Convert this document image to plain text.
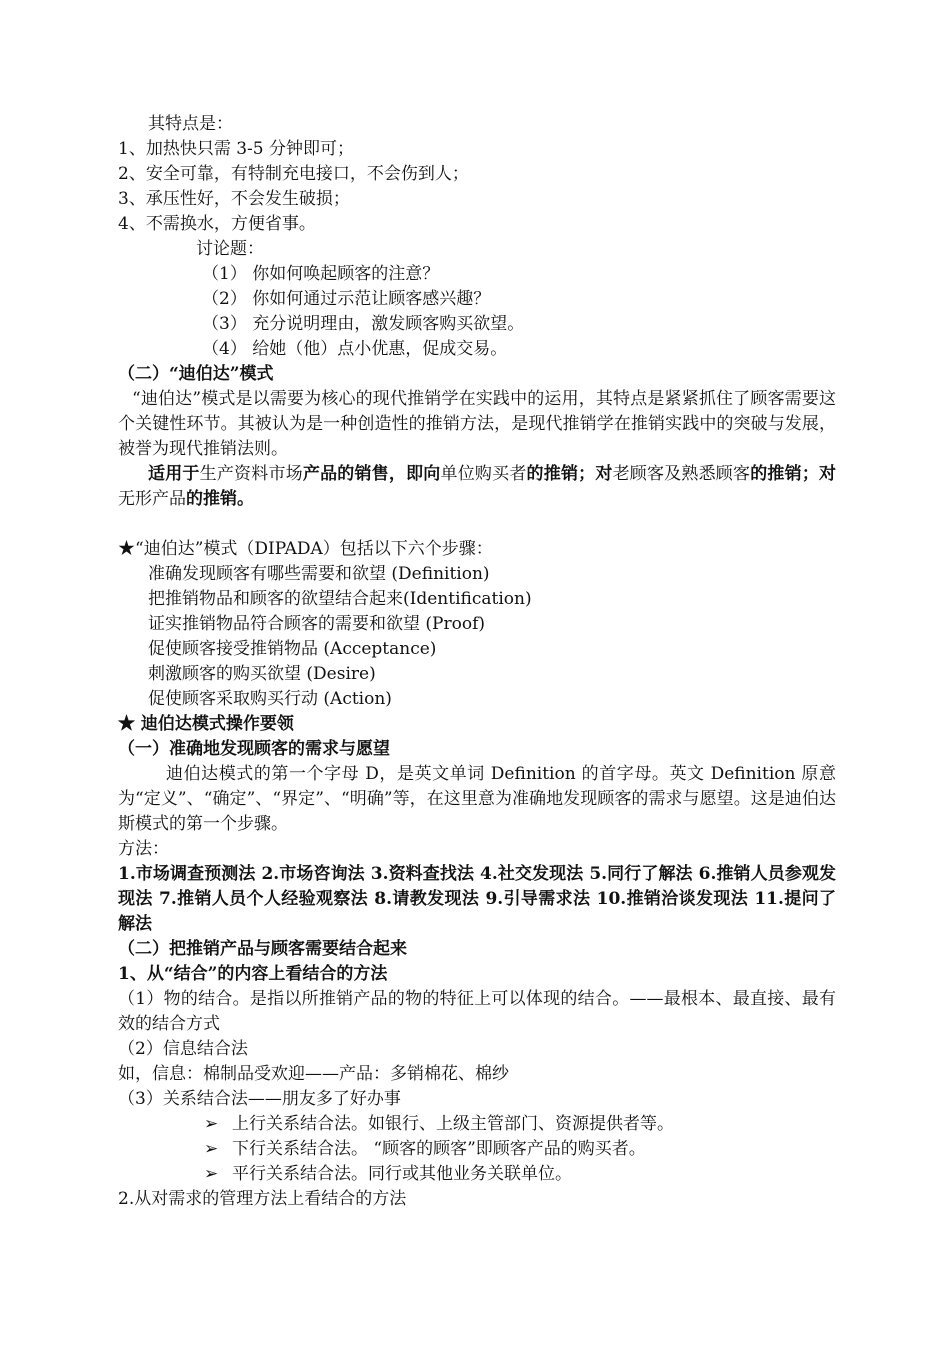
其特点是：
1、加热快只需 3-5 分钟即可；
2、安全可靠，有特制充电接口，不会伤到人；
3、承压性好，不会发生破损；
4、不需换水，方便省事。
讨论题：
（1） 你如何唤起顾客的注意？
（2） 你如何通过示范让顾客感兴趣？
（3） 充分说明理由，激发顾客购买欲望。
（4） 给她（他）点小优惠，促成交易。
（二）“迪伯达”模式
“迪伯达”模式是以需要为核心的现代推销学在实践中的运用，其特点是紧紧抓住了顾客需要这个关键性环节。其被认为是一种创造性的推销方法，是现代推销学在推销实践中的突破与发展，被誉为现代推销法则。
适用于生产资料市场产品的销售，即向单位购买者的推销；对老顾客及熟悉顾客的推销；对无形产品的推销。
★“迪伯达”模式（DIPADA）包括以下六个步骤：
准确发现顾客有哪些需要和欲望 (Definition)
把推销物品和顾客的欲望结合起来(Identification)
证实推销物品符合顾客的需要和欲望 (Proof)
促使顾客接受推销物品 (Acceptance)
刺激顾客的购买欲望 (Desire)
促使顾客采取购买行动 (Action)
★ 迪伯达模式操作要领
（一）准确地发现顾客的需求与愿望
迪伯达模式的第一个字母 D，是英文单词 Definition 的首字母。英文 Definition 原意为“定义”、“确定”、“界定”、“明确”等，在这里意为准确地发现顾客的需求与愿望。这是迪伯达斯模式的第一个步骤。
方法：
1.市场调查预测法 2.市场咨询法 3.资料查找法 4.社交发现法 5.同行了解法 6.推销人员参观发现法 7.推销人员个人经验观察法 8.请教发现法 9.引导需求法 10.推销洽谈发现法 11.提问了解法
（二）把推销产品与顾客需要结合起来
1、从“结合”的内容上看结合的方法
（1）物的结合。是指以所推销产品的物的特征上可以体现的结合。——最根本、最直接、最有效的结合方式
（2）信息结合法
如，信息：棉制品受欢迎——产品：多销棉花、棉纱
（3）关系结合法——朋友多了好办事
➢ 上行关系结合法。如银行、上级主管部门、资源提供者等。
➢ 下行关系结合法。 “顾客的顾客”即顾客产品的购买者。
➢ 平行关系结合法。同行或其他业务关联单位。
2.从对需求的管理方法上看结合的方法
